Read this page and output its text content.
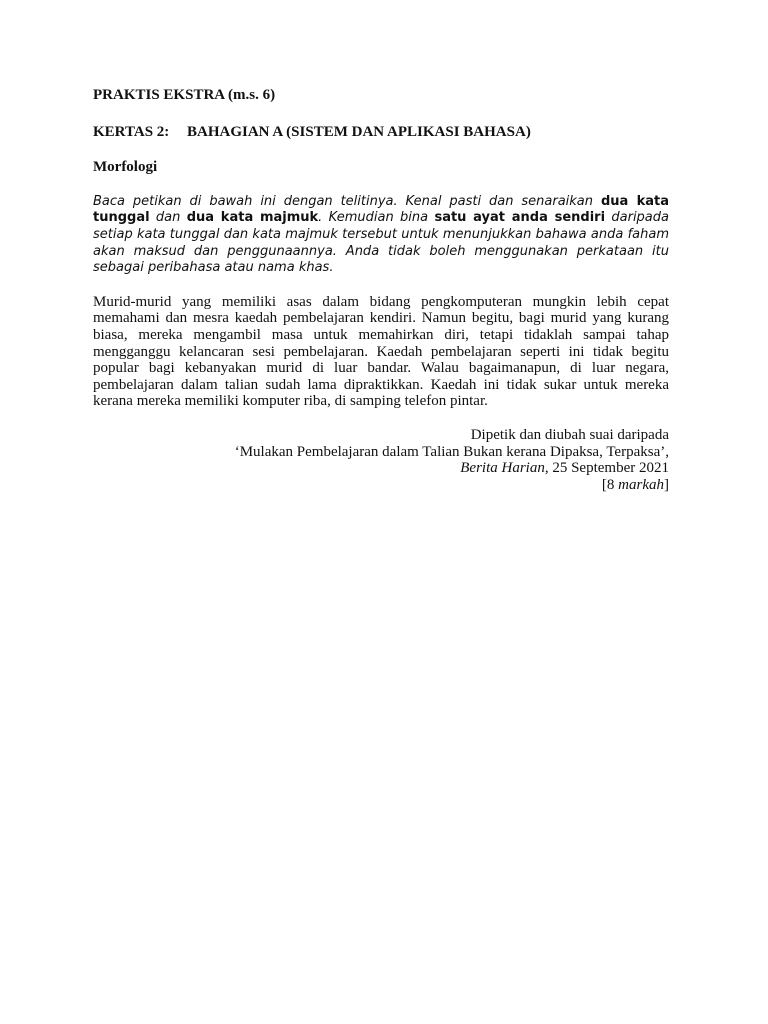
PRAKTIS EKSTRA (m.s. 6)

KERTAS 2: BAHAGIAN A (SISTEM DAN APLIKASI BAHASA)

Morfologi

Baca petikan di bawah ini dengan telitinya. Kenal pasti dan senaraikan dua kata tunggal dan dua kata majmuk. Kemudian bina satu ayat anda sendiri daripada setiap kata tunggal dan kata majmuk tersebut untuk menunjukkan bahawa anda faham akan maksud dan penggunaannya. Anda tidak boleh menggunakan perkataan itu sebagai peribahasa atau nama khas.

Murid-murid yang memiliki asas dalam bidang pengkomputeran mungkin lebih cepat memahami dan mesra kaedah pembelajaran kendiri. Namun begitu, bagi murid yang kurang biasa, mereka mengambil masa untuk memahirkan diri, tetapi tidaklah sampai tahap mengganggu kelancaran sesi pembelajaran. Kaedah pembelajaran seperti ini tidak begitu popular bagi kebanyakan murid di luar bandar. Walau bagaimanapun, di luar negara, pembelajaran dalam talian sudah lama dipraktikkan. Kaedah ini tidak sukar untuk mereka kerana mereka memiliki komputer riba, di samping telefon pintar.

Dipetik dan diubah suai daripada
‘Mulakan Pembelajaran dalam Talian Bukan kerana Dipaksa, Terpaksa’,
Berita Harian, 25 September 2021
[8 markah]
